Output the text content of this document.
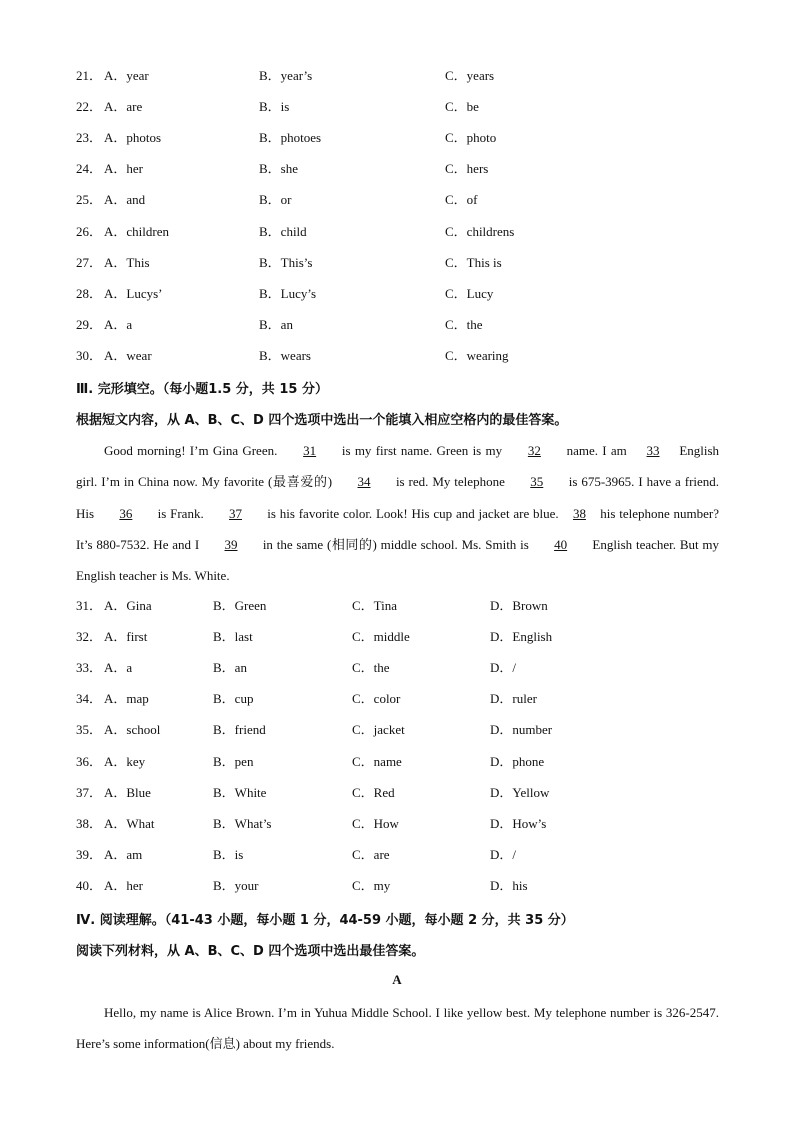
21． A．year	B．year’s	C．years
22． A．are	B．is	C．be
23． A．photos	B．photoes	C．photo
24． A．her	B．she	C．hers
25． A．and	B．or	C．of
26． A．children	B．child	C．childrens
27． A．This	B．This’s	C．This is
28． A．Lucys’	B．Lucy’s	C．Lucy
29． A．a	B．an	C．the
30． A．wear	B．wears	C．wearing
Ⅲ. 完形填空。（每小题1.5 分，共 15 分）
根据短文内容，从 A、B、C、D 四个选项中选出一个能填入相应空格内的最佳答案。
Good morning! I’m Gina Green. 31 is my first name. Green is my 32 name. I am 33 English girl. I’m in China now. My favorite (最喜爱的) 34 is red. My telephone 35 is 675-3965. I have a friend. His 36 is Frank. 37 is his favorite color. Look! His cup and jacket are blue. 38 his telephone number? It’s 880-7532. He and I 39 in the same (相同的) middle school. Ms. Smith is 40 English teacher. But my English teacher is Ms. White.
31． A．Gina	B．Green	C．Tina	D．Brown
32． A．first	B．last	C．middle	D．English
33． A．a	B．an	C．the	D．/
34． A．map	B．cup	C．color	D．ruler
35． A．school	B．friend	C．jacket	D．number
36． A．key	B．pen	C．name	D．phone
37． A．Blue	B．White	C．Red	D．Yellow
38． A．What	B．What’s	C．How	D．How’s
39． A．am	B．is	C．are	D．/
40． A．her	B．your	C．my	D．his
Ⅳ. 阅读理解。（41-43 小题，每小题 1 分，44-59 小题，每小题 2 分，共 35 分）
阅读下列材料，从 A、B、C、D 四个选项中选出最佳答案。
A
Hello, my name is Alice Brown. I’m in Yuhua Middle School. I like yellow best. My telephone number is 326-2547. Here’s some information(信息) about my friends.
